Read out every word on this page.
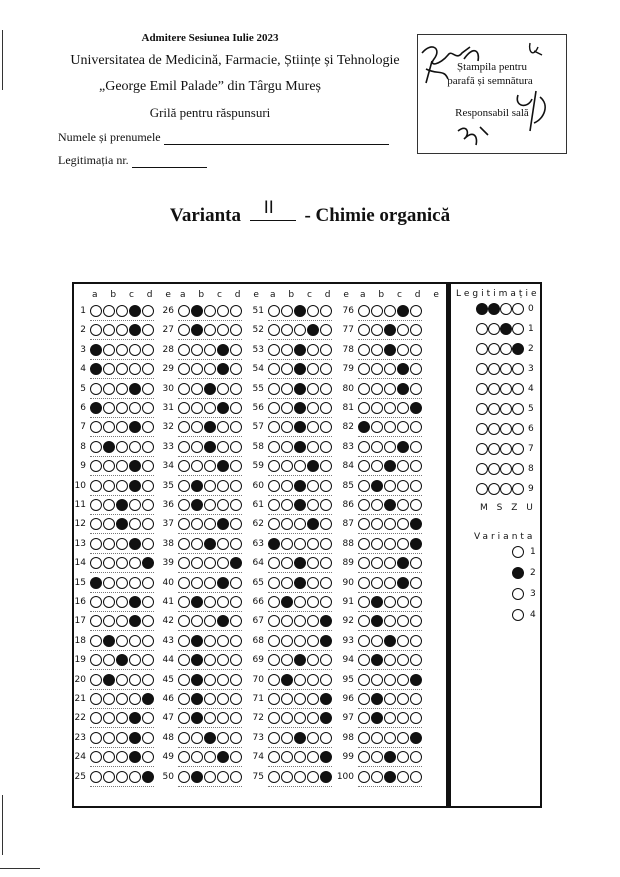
Admitere Sesiunea Iulie 2023
Universitatea de Medicină, Farmacie, Științe și Tehnologie
„George Emil Palade” din Târgu Mureș
Grilă pentru răspunsuri
Numele și prenumele
Legitimația nr.
Ștampila pentru
parafă și semnătura
Responsabil sală
Varianta II - Chimie organică
a b c d e
1
2
3
4
5
6
7
8
9
10
11
12
13
14
15
16
17
18
19
20
21
22
23
24
25
a b c d e
26
27
28
29
30
31
32
33
34
35
36
37
38
39
40
41
42
43
44
45
46
47
48
49
50
a b c d e
51
52
53
54
55
56
57
58
59
60
61
62
63
64
65
66
67
68
69
70
71
72
73
74
75
a b c d e
76
77
78
79
80
81
82
83
84
85
86
87
88
89
90
91
92
93
94
95
96
97
98
99
100
Legitimație
0
1
2
3
4
5
6
7
8
9
M S Z U
Varianta
1
2
3
4
